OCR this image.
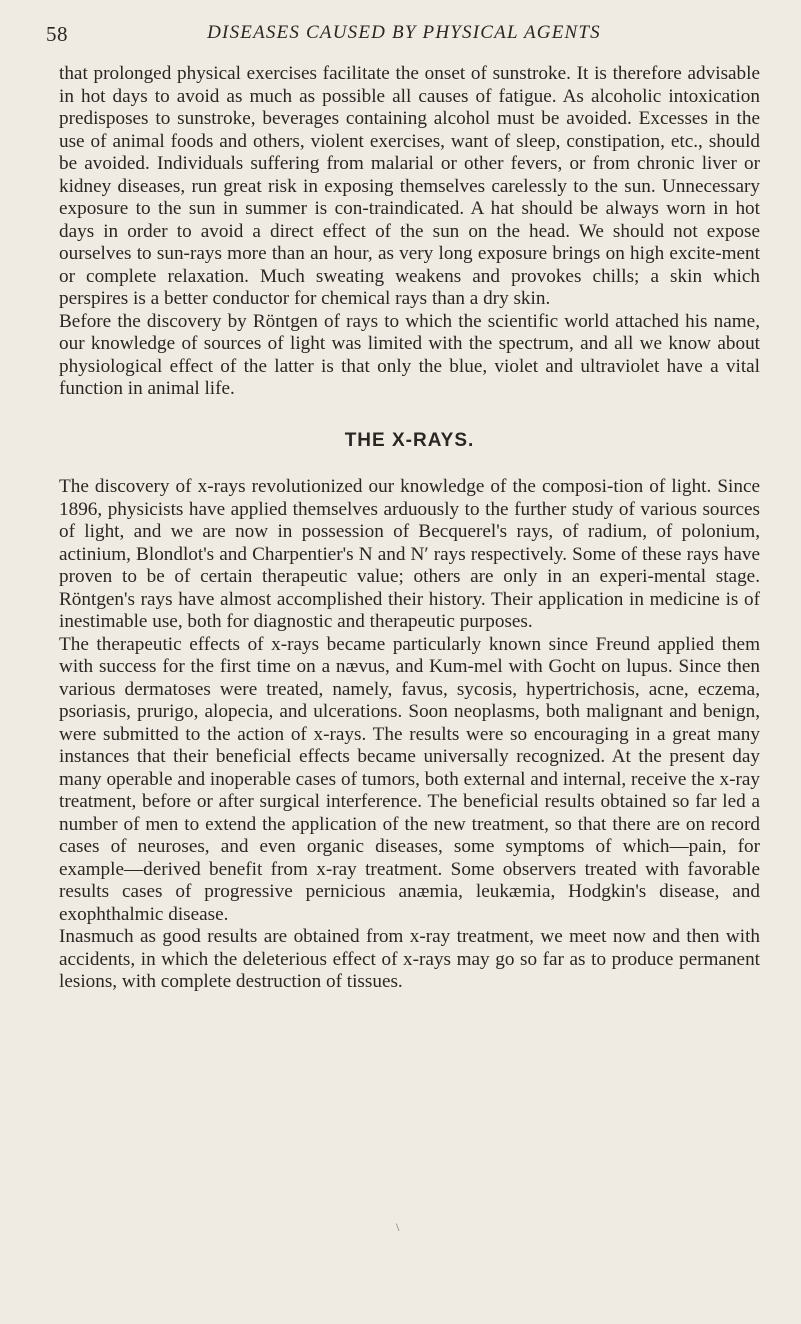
58	DISEASES CAUSED BY PHYSICAL AGENTS

that prolonged physical exercises facilitate the onset of sunstroke. It is therefore advisable in hot days to avoid as much as possible all causes of fatigue. As alcoholic intoxication predisposes to sunstroke, beverages containing alcohol must be avoided. Excesses in the use of animal foods and others, violent exercises, want of sleep, constipation, etc., should be avoided. Individuals suffering from malarial or other fevers, or from chronic liver or kidney diseases, run great risk in exposing themselves carelessly to the sun. Unnecessary exposure to the sun in summer is con-traindicated. A hat should be always worn in hot days in order to avoid a direct effect of the sun on the head. We should not expose ourselves to sun-rays more than an hour, as very long exposure brings on high excite-ment or complete relaxation. Much sweating weakens and provokes chills; a skin which perspires is a better conductor for chemical rays than a dry skin.

Before the discovery by Röntgen of rays to which the scientific world attached his name, our knowledge of sources of light was limited with the spectrum, and all we know about physiological effect of the latter is that only the blue, violet and ultraviolet have a vital function in animal life.

THE X-RAYS.

The discovery of x-rays revolutionized our knowledge of the composi-tion of light. Since 1896, physicists have applied themselves arduously to the further study of various sources of light, and we are now in possession of Becquerel's rays, of radium, of polonium, actinium, Blondlot's and Charpentier's N and N′ rays respectively. Some of these rays have proven to be of certain therapeutic value; others are only in an experi-mental stage. Röntgen's rays have almost accomplished their history. Their application in medicine is of inestimable use, both for diagnostic and therapeutic purposes.

The therapeutic effects of x-rays became particularly known since Freund applied them with success for the first time on a nævus, and Kum-mel with Gocht on lupus. Since then various dermatoses were treated, namely, favus, sycosis, hypertrichosis, acne, eczema, psoriasis, prurigo, alopecia, and ulcerations. Soon neoplasms, both malignant and benign, were submitted to the action of x-rays. The results were so encouraging in a great many instances that their beneficial effects became universally recognized. At the present day many operable and inoperable cases of tumors, both external and internal, receive the x-ray treatment, before or after surgical interference. The beneficial results obtained so far led a number of men to extend the application of the new treatment, so that there are on record cases of neuroses, and even organic diseases, some symptoms of which—pain, for example—derived benefit from x-ray treatment. Some observers treated with favorable results cases of progressive pernicious anæmia, leukæmia, Hodgkin's disease, and exophthalmic disease.

Inasmuch as good results are obtained from x-ray treatment, we meet now and then with accidents, in which the deleterious effect of x-rays may go so far as to produce permanent lesions, with complete destruction of tissues.

\
